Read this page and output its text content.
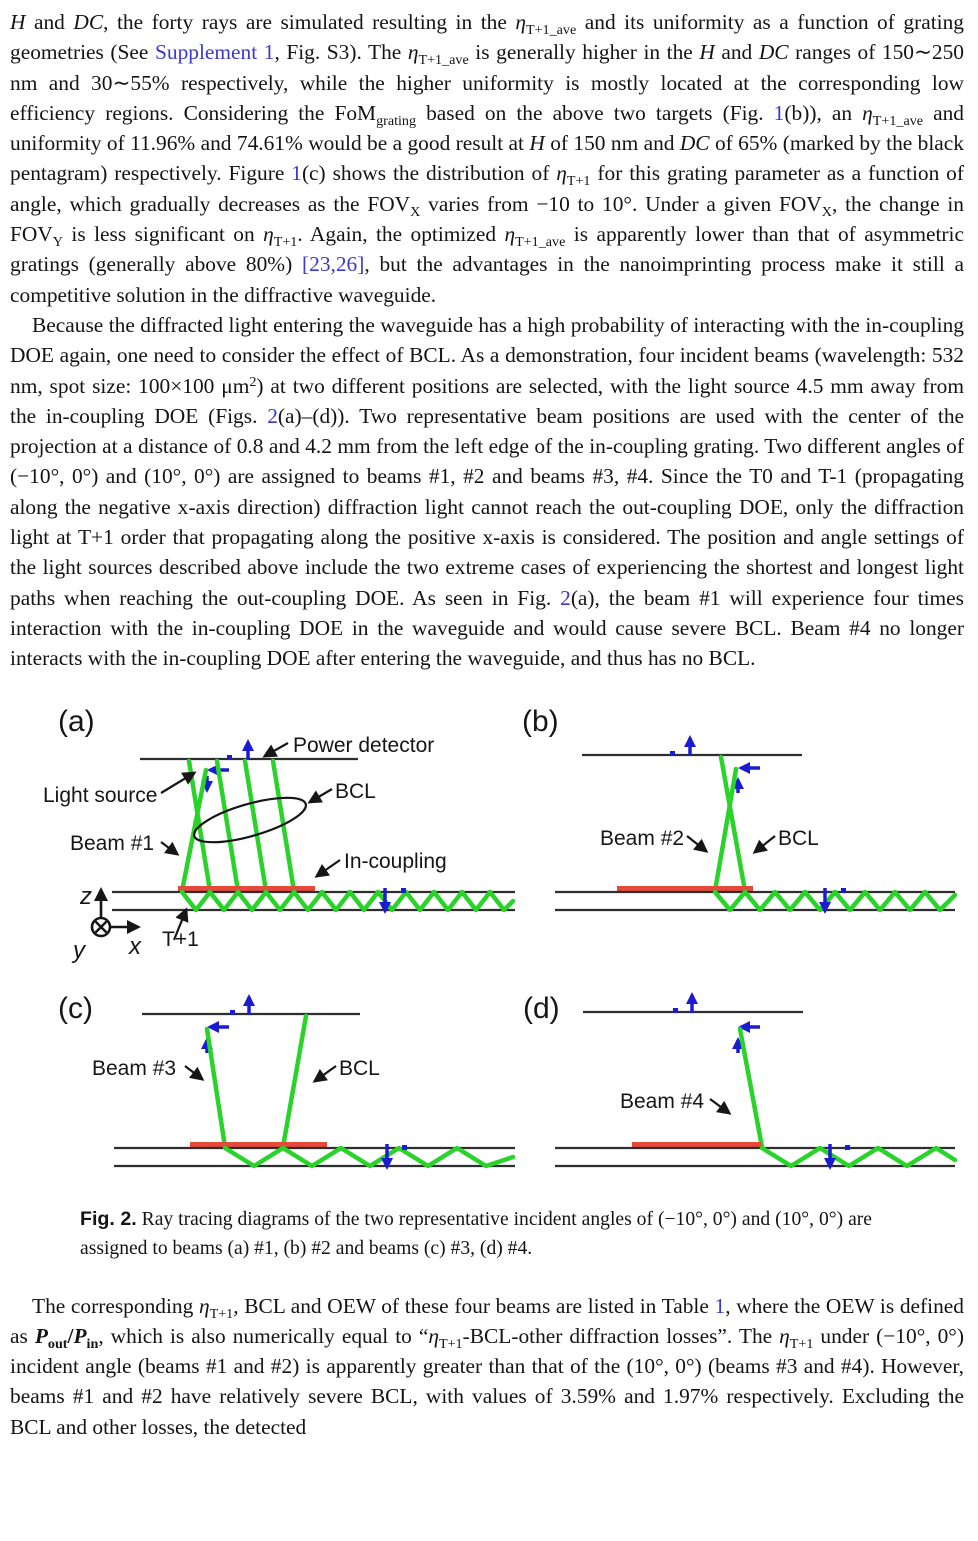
H and DC, the forty rays are simulated resulting in the $\eta_{T+1\_ave}$ and its uniformity as a function of grating geometries (See Supplement 1, Fig. S3). The $\eta_{T+1\_ave}$ is generally higher in the H and DC ranges of 150∼250 nm and 30∼55% respectively, while the higher uniformity is mostly located at the corresponding low efficiency regions. Considering the FoM$_{grating}$ based on the above two targets (Fig. 1(b)), an $\eta_{T+1\_ave}$ and uniformity of 11.96% and 74.61% would be a good result at H of 150 nm and DC of 65% (marked by the black pentagram) respectively. Figure 1(c) shows the distribution of $\eta_{T+1}$ for this grating parameter as a function of angle, which gradually decreases as the $FOV_X$ varies from −10 to 10°. Under a given $FOV_X$, the change in $FOV_Y$ is less significant on $\eta_{T+1}$. Again, the optimized $\eta_{T+1\_ave}$ is apparently lower than that of asymmetric gratings (generally above 80%) [23,26], but the advantages in the nanoimprinting process make it still a competitive solution in the diffractive waveguide.

Because the diffracted light entering the waveguide has a high probability of interacting with the in-coupling DOE again, one need to consider the effect of BCL. As a demonstration, four incident beams (wavelength: 532 nm, spot size: 100×100 $\mu m^2$) at two different positions are selected, with the light source 4.5 mm away from the in-coupling DOE (Figs. 2(a)–(d)). Two representative beam positions are used with the center of the projection at a distance of 0.8 and 4.2 mm from the left edge of the in-coupling grating. Two different angles of (−10°, 0°) and (10°, 0°) are assigned to beams #1, #2 and beams #3, #4. Since the T0 and T-1 (propagating along the negative x-axis direction) diffraction light cannot reach the out-coupling DOE, only the diffraction light at T+1 order that propagating along the positive x-axis is considered. The position and angle settings of the light sources described above include the two extreme cases of experiencing the shortest and longest light paths when reaching the out-coupling DOE. As seen in Fig. 2(a), the beam #1 will experience four times interaction with the in-coupling DOE in the waveguide and would cause severe BCL. Beam #4 no longer interacts with the in-coupling DOE after entering the waveguide, and thus has no BCL.

(a)
T+1
z
x
y
Power detector
Light source	BCL
Beam #1
In-coupling
(b)
Beam #2	BCL
(c)
Beam #3	BCL
(d)
Beam #4
Fig. 2. Ray tracing diagrams of the two representative incident angles of (−10°, 0°) and (10°, 0°) are assigned to beams (a) #1, (b) #2 and beams (c) #3, (d) #4.

The corresponding $\eta_{T+1}$, BCL and OEW of these four beams are listed in Table 1, where the OEW is defined as $P_{out}/P_{in}$, which is also numerically equal to “$\eta_{T+1}-BCL$-other diffraction losses”. The $\eta_{T+1}$ under (−10°, 0°) incident angle (beams #1 and #2) is apparently greater than that of the (10°, 0°) (beams #3 and #4). However, beams #1 and #2 have relatively severe BCL, with values of 3.59% and 1.97% respectively. Excluding the BCL and other losses, the detected
